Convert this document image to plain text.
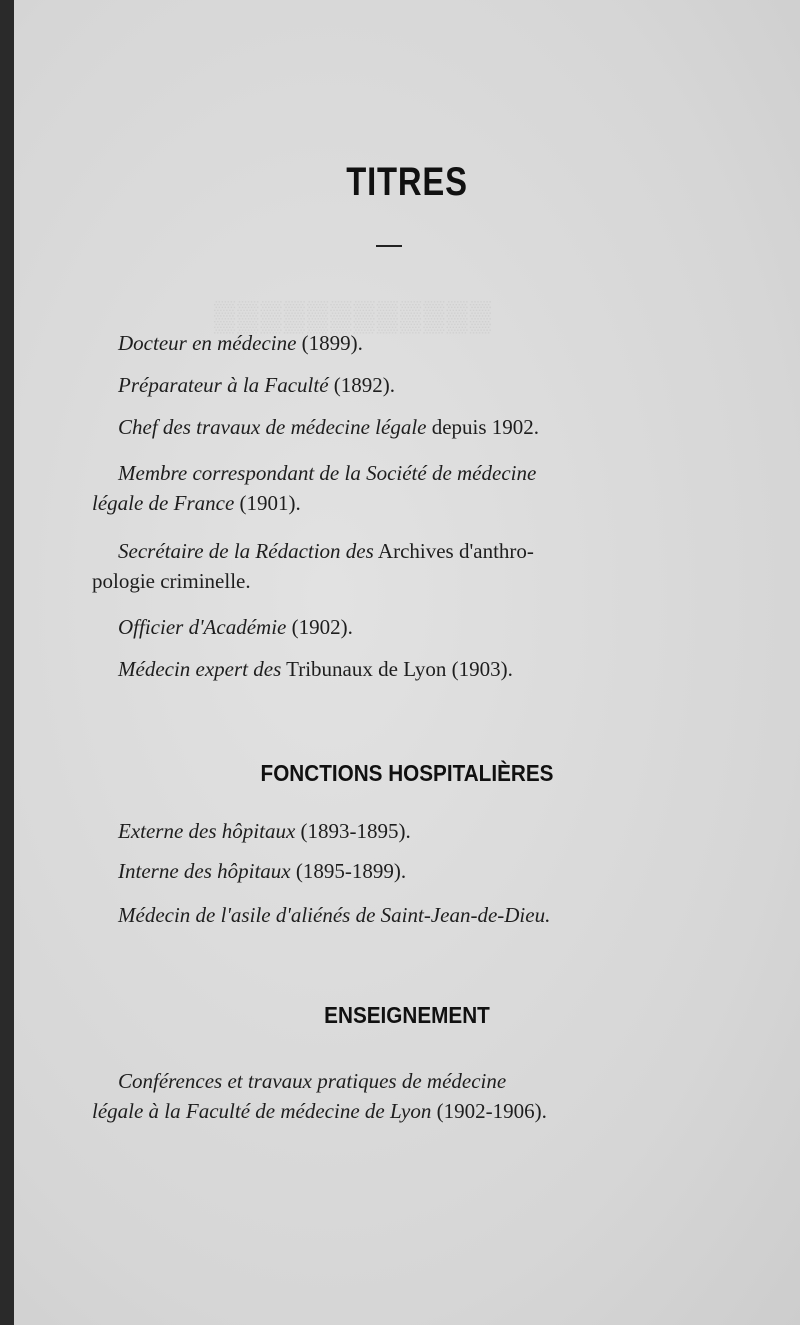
▒▒▒▒▒▒▒▒▒▒▒▒
TITRES
Docteur en médecine (1899).
Préparateur à la Faculté (1892).
Chef des travaux de médecine légale depuis 1902.
Membre correspondant de la Société de médecine
légale de France (1901).
Secrétaire de la Rédaction des Archives d'anthro-
pologie criminelle.
Officier d'Académie (1902).
Médecin expert des Tribunaux de Lyon (1903).
FONCTIONS HOSPITALIÈRES
Externe des hôpitaux (1893-1895).
Interne des hôpitaux (1895-1899).
Médecin de l'asile d'aliénés de Saint-Jean-de-Dieu.
ENSEIGNEMENT
Conférences et travaux pratiques de médecine
légale à la Faculté de médecine de Lyon (1902-1906).
